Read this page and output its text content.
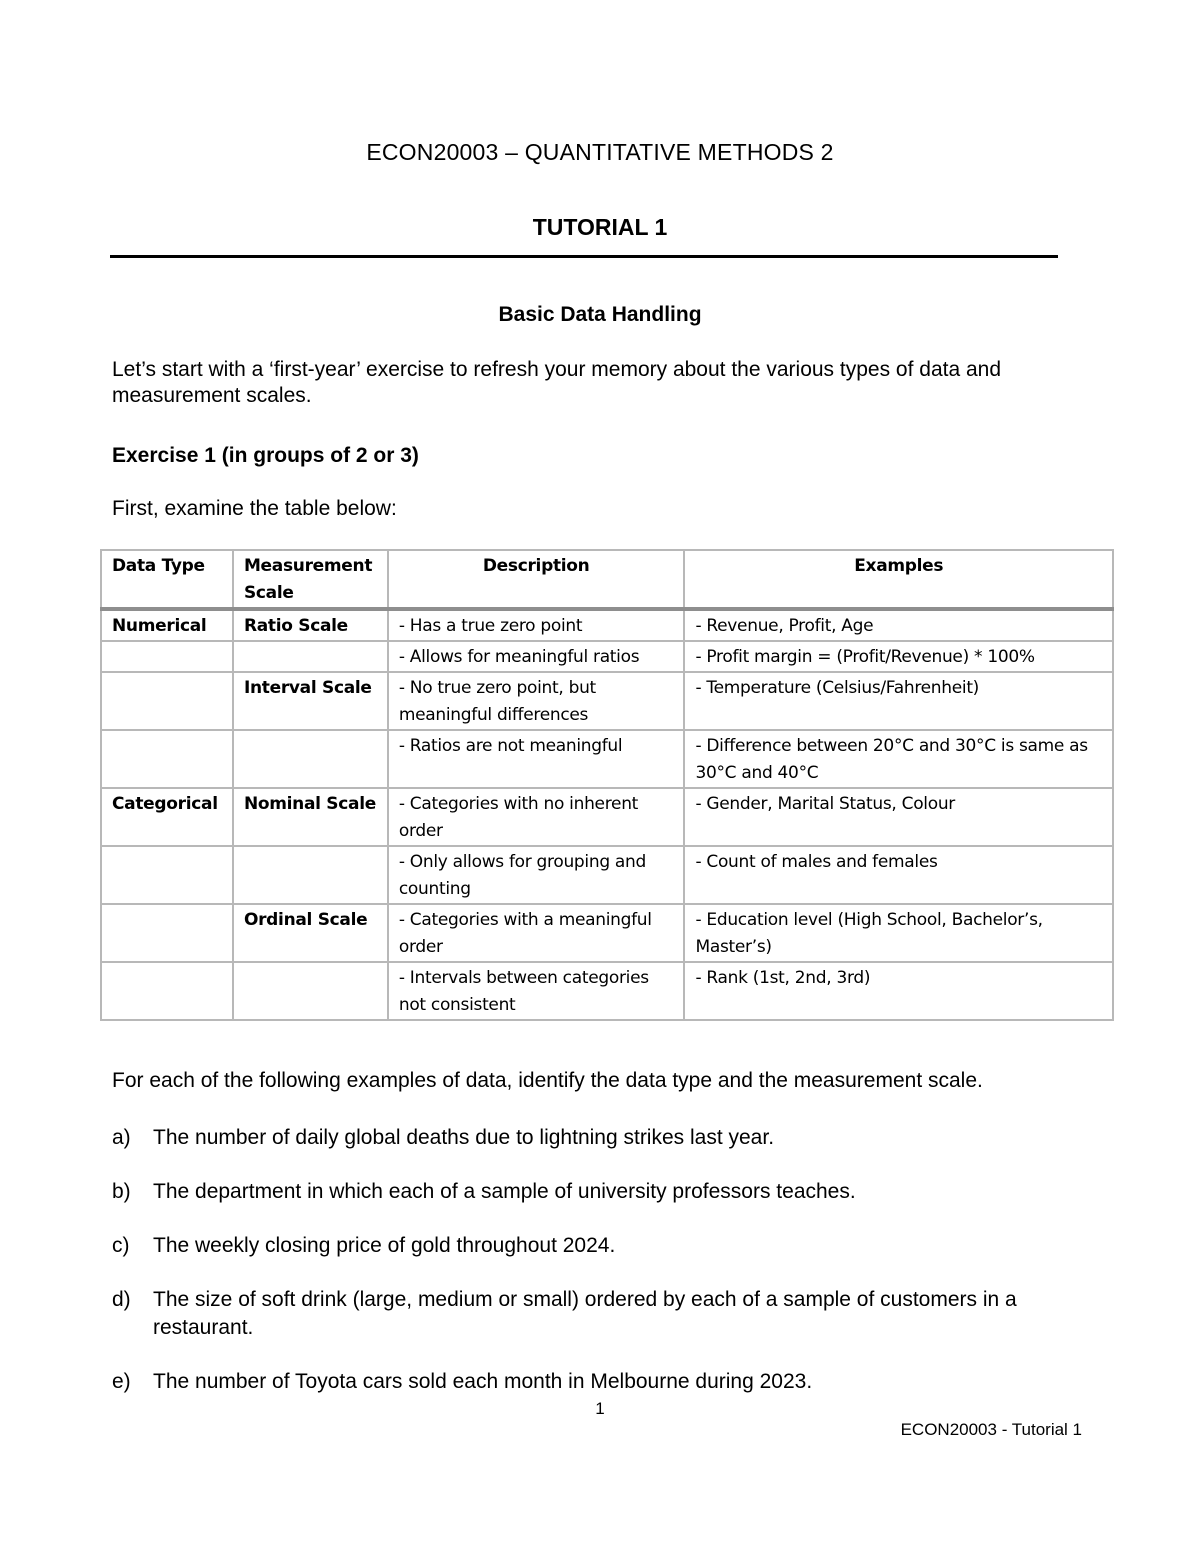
ECON20003 – QUANTITATIVE METHODS 2
TUTORIAL 1
Basic Data Handling
Let’s start with a ‘first-year’ exercise to refresh your memory about the various types of data and measurement scales.
Exercise 1 (in groups of 2 or 3)
First, examine the table below:
Data Type	Measurement Scale	Description	Examples
Numerical	Ratio Scale	- Has a true zero point	- Revenue, Profit, Age
		- Allows for meaningful ratios	- Profit margin = (Profit/Revenue) * 100%
	Interval Scale	- No true zero point, but meaningful differences	- Temperature (Celsius/Fahrenheit)
		- Ratios are not meaningful	- Difference between 20°C and 30°C is same as 30°C and 40°C
Categorical	Nominal Scale	- Categories with no inherent order	- Gender, Marital Status, Colour
		- Only allows for grouping and counting	- Count of males and females
	Ordinal Scale	- Categories with a meaningful order	- Education level (High School, Bachelor’s, Master’s)
		- Intervals between categories not consistent	- Rank (1st, 2nd, 3rd)
For each of the following examples of data, identify the data type and the measurement scale.
a) The number of daily global deaths due to lightning strikes last year.
b) The department in which each of a sample of university professors teaches.
c) The weekly closing price of gold throughout 2024.
d) The size of soft drink (large, medium or small) ordered by each of a sample of customers in a restaurant.
e) The number of Toyota cars sold each month in Melbourne during 2023.
1
ECON20003 - Tutorial 1
